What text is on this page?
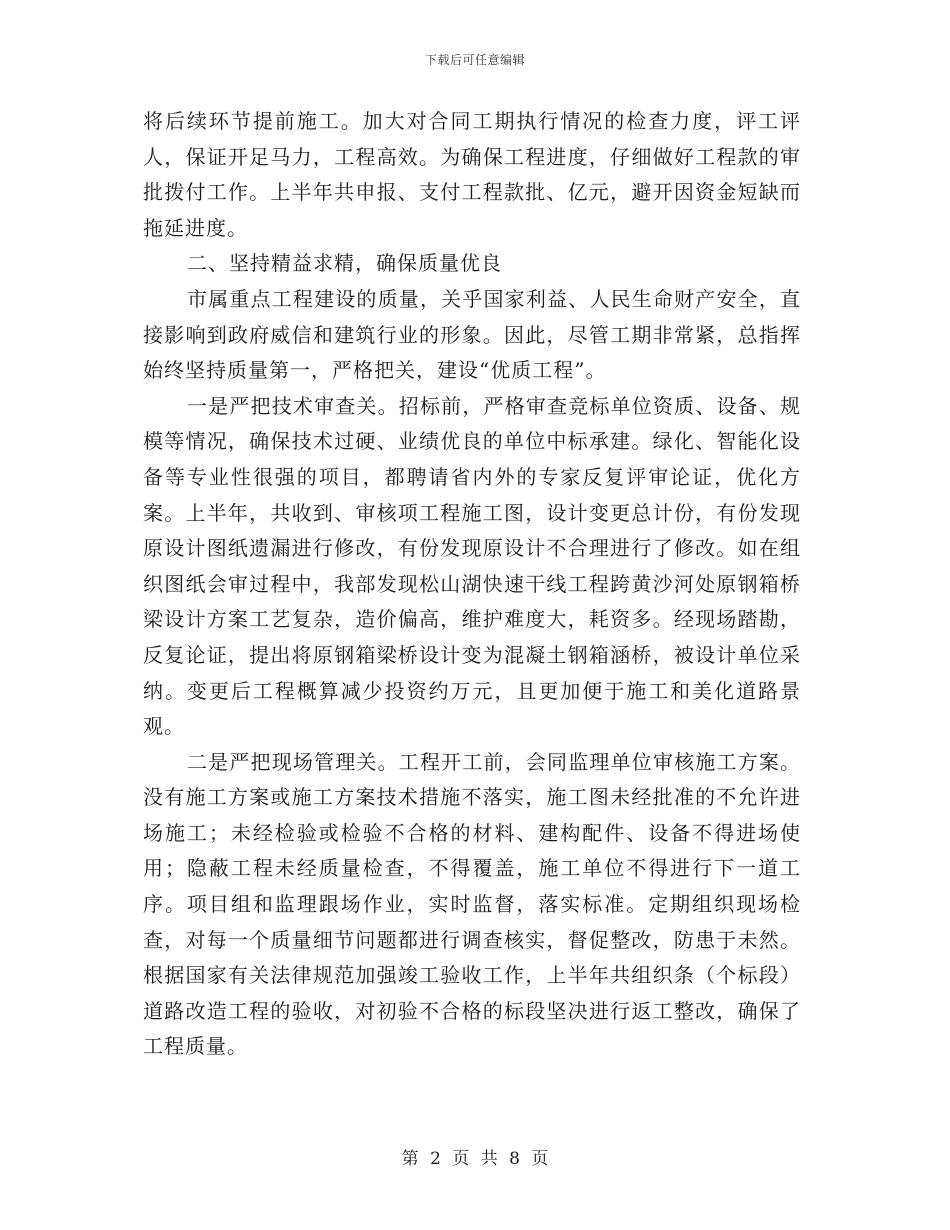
下载后可任意编辑

将后续环节提前施工。加大对合同工期执行情况的检查力度，评工评人，保证开足马力，工程高效。为确保工程进度，仔细做好工程款的审批拨付工作。上半年共申报、支付工程款批、亿元，避开因资金短缺而拖延进度。

二、坚持精益求精，确保质量优良

市属重点工程建设的质量，关乎国家利益、人民生命财产安全，直接影响到政府威信和建筑行业的形象。因此，尽管工期非常紧，总指挥始终坚持质量第一，严格把关，建设“优质工程”。

一是严把技术审查关。招标前，严格审查竞标单位资质、设备、规模等情况，确保技术过硬、业绩优良的单位中标承建。绿化、智能化设备等专业性很强的项目，都聘请省内外的专家反复评审论证，优化方案。上半年，共收到、审核项工程施工图，设计变更总计份，有份发现原设计图纸遗漏进行修改，有份发现原设计不合理进行了修改。如在组织图纸会审过程中，我部发现松山湖快速干线工程跨黄沙河处原钢箱桥梁设计方案工艺复杂，造价偏高，维护难度大，耗资多。经现场踏勘，反复论证，提出将原钢箱梁桥设计变为混凝土钢箱涵桥，被设计单位采纳。变更后工程概算减少投资约万元，且更加便于施工和美化道路景观。

二是严把现场管理关。工程开工前，会同监理单位审核施工方案。没有施工方案或施工方案技术措施不落实，施工图未经批准的不允许进场施工；未经检验或检验不合格的材料、建构配件、设备不得进场使用；隐蔽工程未经质量检查，不得覆盖，施工单位不得进行下一道工序。项目组和监理跟场作业，实时监督，落实标准。定期组织现场检查，对每一个质量细节问题都进行调查核实，督促整改，防患于未然。根据国家有关法律规范加强竣工验收工作，上半年共组织条（个标段）道路改造工程的验收，对初验不合格的标段坚决进行返工整改，确保了工程质量。

第 2 页 共 8 页
